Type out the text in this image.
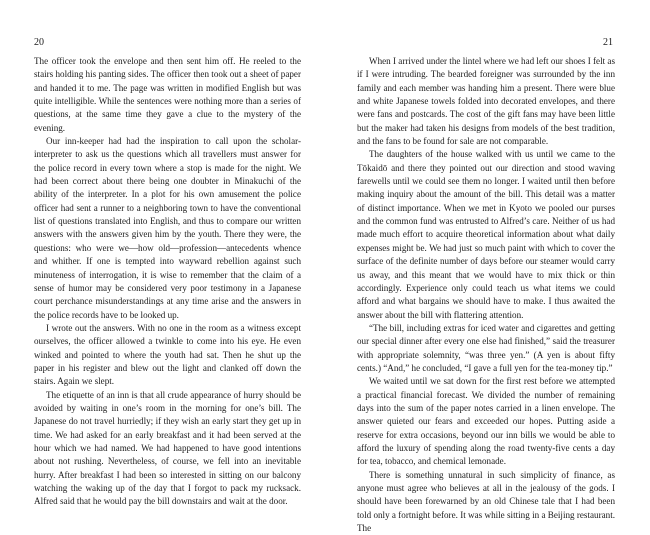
20

The officer took the envelope and then sent him off. He reeled to the stairs holding his panting sides. The officer then took out a sheet of paper and handed it to me. The page was written in modified English but was quite intelligible. While the sentences were nothing more than a series of questions, at the same time they gave a clue to the mystery of the evening.

Our inn-keeper had had the inspiration to call upon the scholar-interpreter to ask us the questions which all travellers must answer for the police record in every town where a stop is made for the night. We had been correct about there being one doubter in Minakuchi of the ability of the interpreter. In a plot for his own amusement the police officer had sent a runner to a neighboring town to have the conventional list of questions translated into English, and thus to compare our written answers with the answers given him by the youth. There they were, the questions: who were we—how old—profession—antecedents whence and whither. If one is tempted into wayward rebellion against such minuteness of interrogation, it is wise to remember that the claim of a sense of humor may be considered very poor testimony in a Japanese court perchance misunderstandings at any time arise and the answers in the police records have to be looked up.

I wrote out the answers. With no one in the room as a witness except ourselves, the officer allowed a twinkle to come into his eye. He even winked and pointed to where the youth had sat. Then he shut up the paper in his register and blew out the light and clanked off down the stairs. Again we slept.

The etiquette of an inn is that all crude appearance of hurry should be avoided by waiting in one’s room in the morning for one’s bill. The Japanese do not travel hurriedly; if they wish an early start they get up in time. We had asked for an early breakfast and it had been served at the hour which we had named. We had happened to have good intentions about not rushing. Nevertheless, of course, we fell into an inevitable hurry. After breakfast I had been so interested in sitting on our balcony watching the waking up of the day that I forgot to pack my rucksack. Alfred said that he would pay the bill downstairs and wait at the door.

21

When I arrived under the lintel where we had left our shoes I felt as if I were intruding. The bearded foreigner was surrounded by the inn family and each member was handing him a present. There were blue and white Japanese towels folded into decorated envelopes, and there were fans and postcards. The cost of the gift fans may have been little but the maker had taken his designs from models of the best tradition, and the fans to be found for sale are not comparable.

The daughters of the house walked with us until we came to the Tōkaidō and there they pointed out our direction and stood waving farewells until we could see them no longer. I waited until then before making inquiry about the amount of the bill. This detail was a matter of distinct importance. When we met in Kyoto we pooled our purses and the common fund was entrusted to Alfred’s care. Neither of us had made much effort to acquire theoretical information about what daily expenses might be. We had just so much paint with which to cover the surface of the definite number of days before our steamer would carry us away, and this meant that we would have to mix thick or thin accordingly. Experience only could teach us what items we could afford and what bargains we should have to make. I thus awaited the answer about the bill with flattering attention.

“The bill, including extras for iced water and cigarettes and getting our special dinner after every one else had finished,” said the treasurer with appropriate solemnity, “was three yen.” (A yen is about fifty cents.) “And,” he concluded, “I gave a full yen for the tea-money tip.”

We waited until we sat down for the first rest before we attempted a practical financial forecast. We divided the number of remaining days into the sum of the paper notes carried in a linen envelope. The answer quieted our fears and exceeded our hopes. Putting aside a reserve for extra occasions, beyond our inn bills we would be able to afford the luxury of spending along the road twenty-five cents a day for tea, tobacco, and chemical lemonade.

There is something unnatural in such simplicity of finance, as anyone must agree who believes at all in the jealousy of the gods. I should have been forewarned by an old Chinese tale that I had been told only a fortnight before. It was while sitting in a Beijing restaurant. The
